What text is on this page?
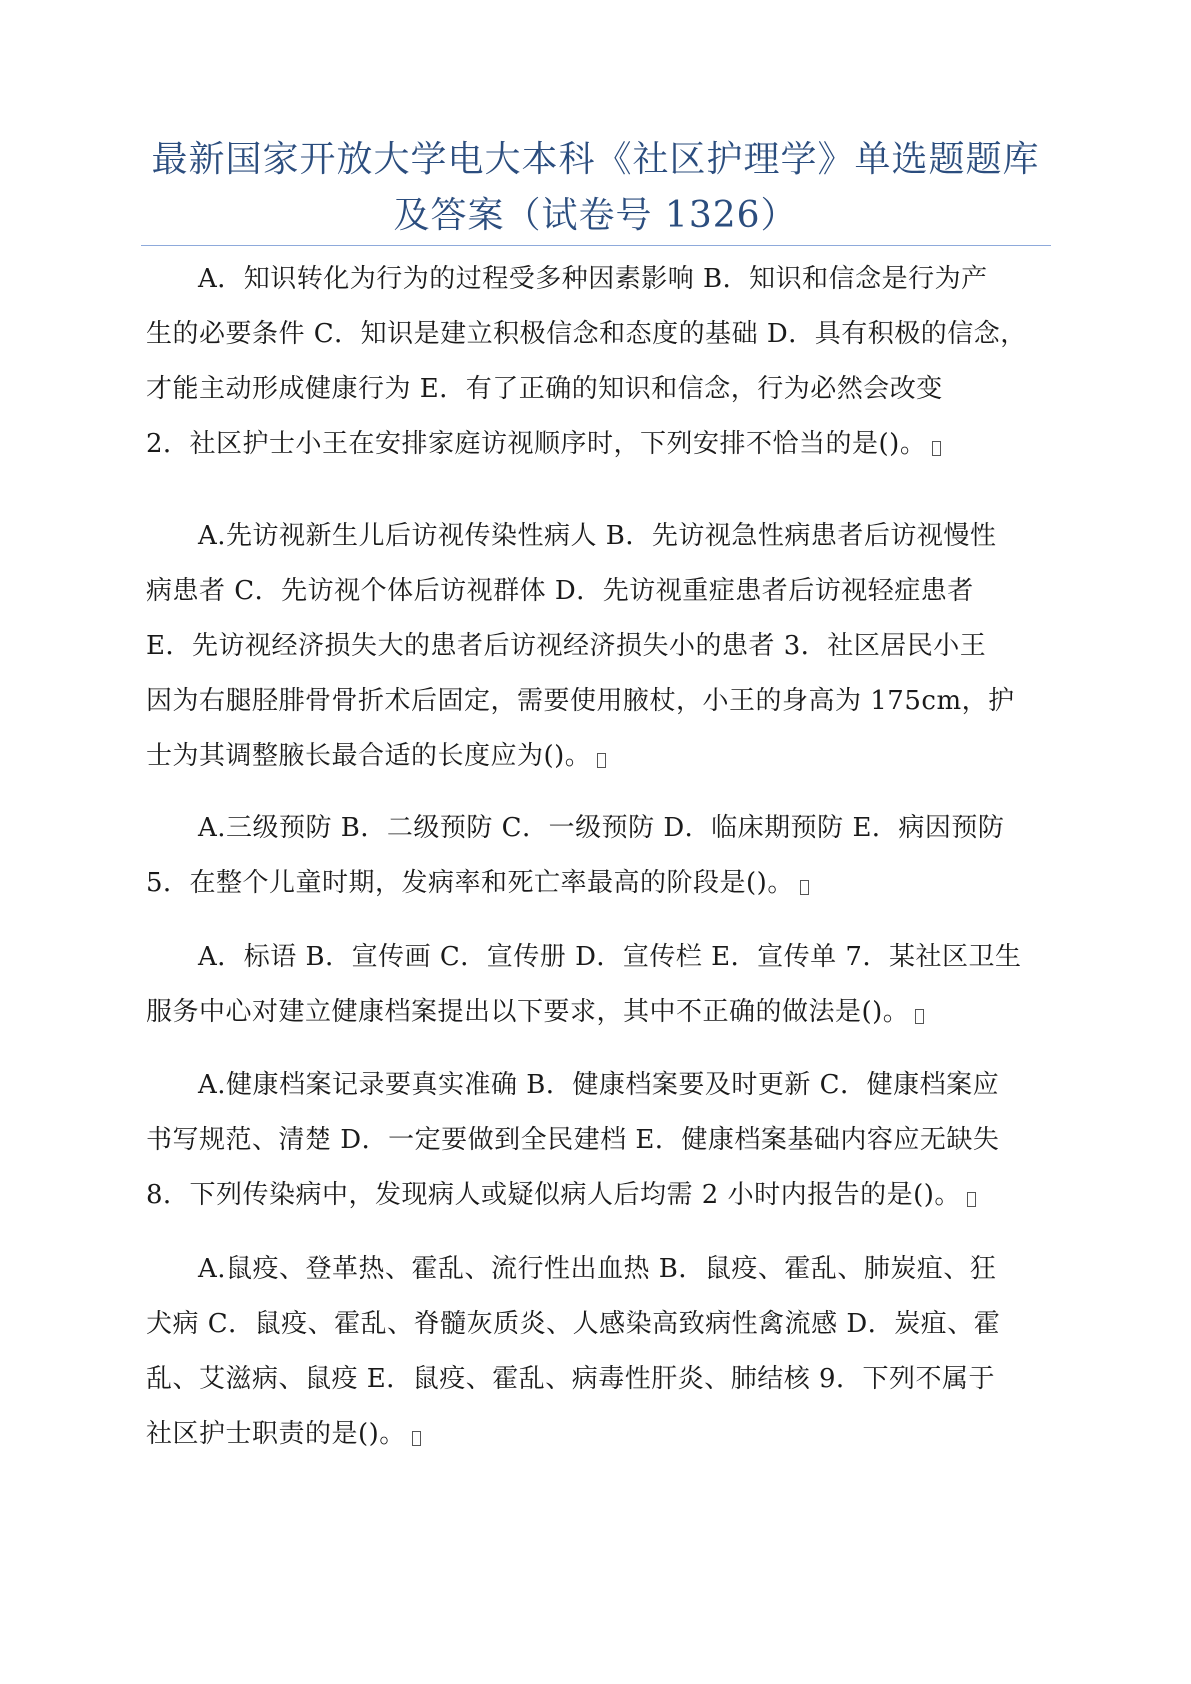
最新国家开放大学电大本科《社区护理学》单选题题库
及答案（试卷号 1326）

A．知识转化为行为的过程受多种因素影响 B．知识和信念是行为产
生的必要条件 C．知识是建立积极信念和态度的基础 D．具有积极的信念，
才能主动形成健康行为 E．有了正确的知识和信念，行为必然会改变
2．社区护士小王在安排家庭访视顺序时，下列安排不恰当的是()。

A.先访视新生儿后访视传染性病人 B．先访视急性病患者后访视慢性
病患者 C．先访视个体后访视群体 D．先访视重症患者后访视轻症患者
E．先访视经济损失大的患者后访视经济损失小的患者 3．社区居民小王
因为右腿胫腓骨骨折术后固定，需要使用腋杖，小王的身高为 175cm，护
士为其调整腋长最合适的长度应为()。

A.三级预防 B．二级预防 C．一级预防 D．临床期预防 E．病因预防
5．在整个儿童时期，发病率和死亡率最高的阶段是()。

A．标语 B．宣传画 C．宣传册 D．宣传栏 E．宣传单 7．某社区卫生
服务中心对建立健康档案提出以下要求，其中不正确的做法是()。

A.健康档案记录要真实准确 B．健康档案要及时更新 C．健康档案应
书写规范、清楚 D．一定要做到全民建档 E．健康档案基础内容应无缺失
8．下列传染病中，发现病人或疑似病人后均需 2 小时内报告的是()。

A.鼠疫、登革热、霍乱、流行性出血热 B．鼠疫、霍乱、肺炭疽、狂
犬病 C．鼠疫、霍乱、脊髓灰质炎、人感染高致病性禽流感 D．炭疽、霍
乱、艾滋病、鼠疫 E．鼠疫、霍乱、病毒性肝炎、肺结核 9．下列不属于
社区护士职责的是()。
